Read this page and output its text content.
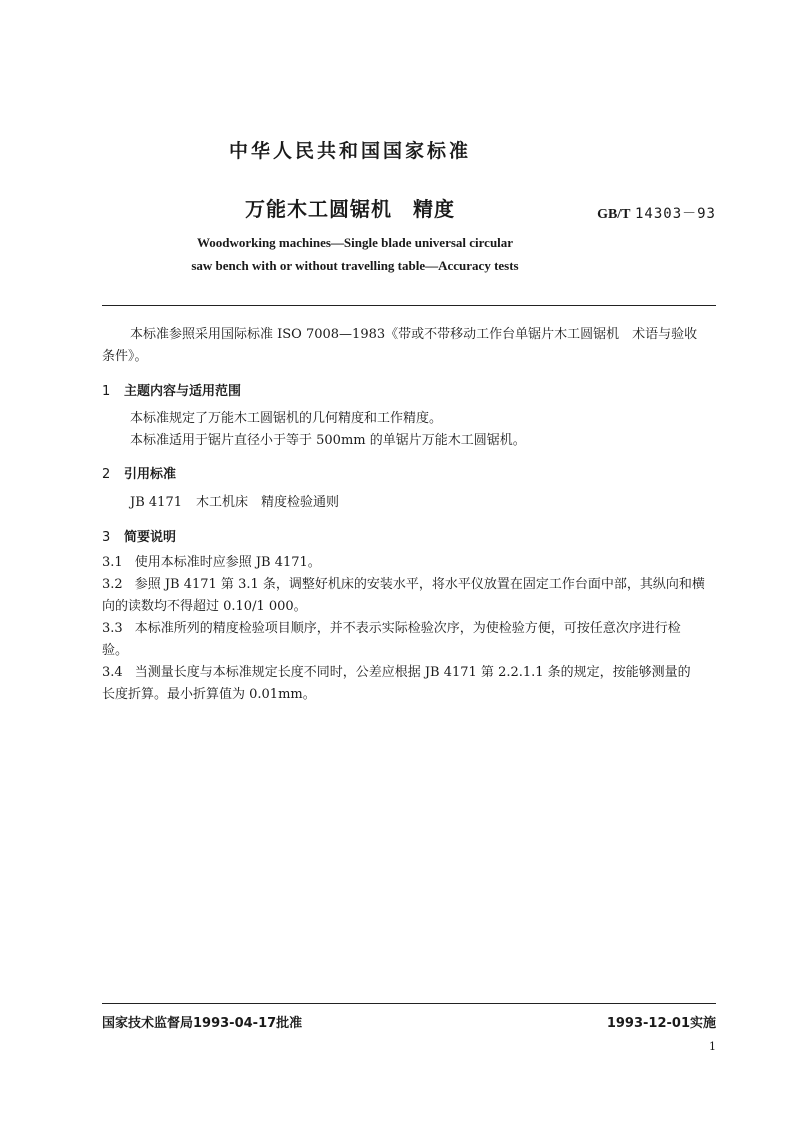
中华人民共和国国家标准
万能木工圆锯机　精度	GB/T 14303－93
Woodworking machines—Single blade universal circular
saw bench with or without travelling table—Accuracy tests
本标准参照采用国际标准 ISO 7008—1983《带或不带移动工作台单锯片木工圆锯机　术语与验收
条件》。
1 主题内容与适用范围
本标准规定了万能木工圆锯机的几何精度和工作精度。
本标准适用于锯片直径小于等于 500mm 的单锯片万能木工圆锯机。
2 引用标准
JB 4171 木工机床　精度检验通则
3 简要说明
3.1 使用本标准时应参照 JB 4171。
3.2 参照 JB 4171 第 3.1 条，调整好机床的安装水平，将水平仪放置在固定工作台面中部，其纵向和横
向的读数均不得超过 0.10/1 000。
3.3 本标准所列的精度检验项目顺序，并不表示实际检验次序，为使检验方便，可按任意次序进行检
验。
3.4 当测量长度与本标准规定长度不同时，公差应根据 JB 4171 第 2.2.1.1 条的规定，按能够测量的
长度折算。最小折算值为 0.01mm。
国家技术监督局1993-04-17批准	1993-12-01实施
1
